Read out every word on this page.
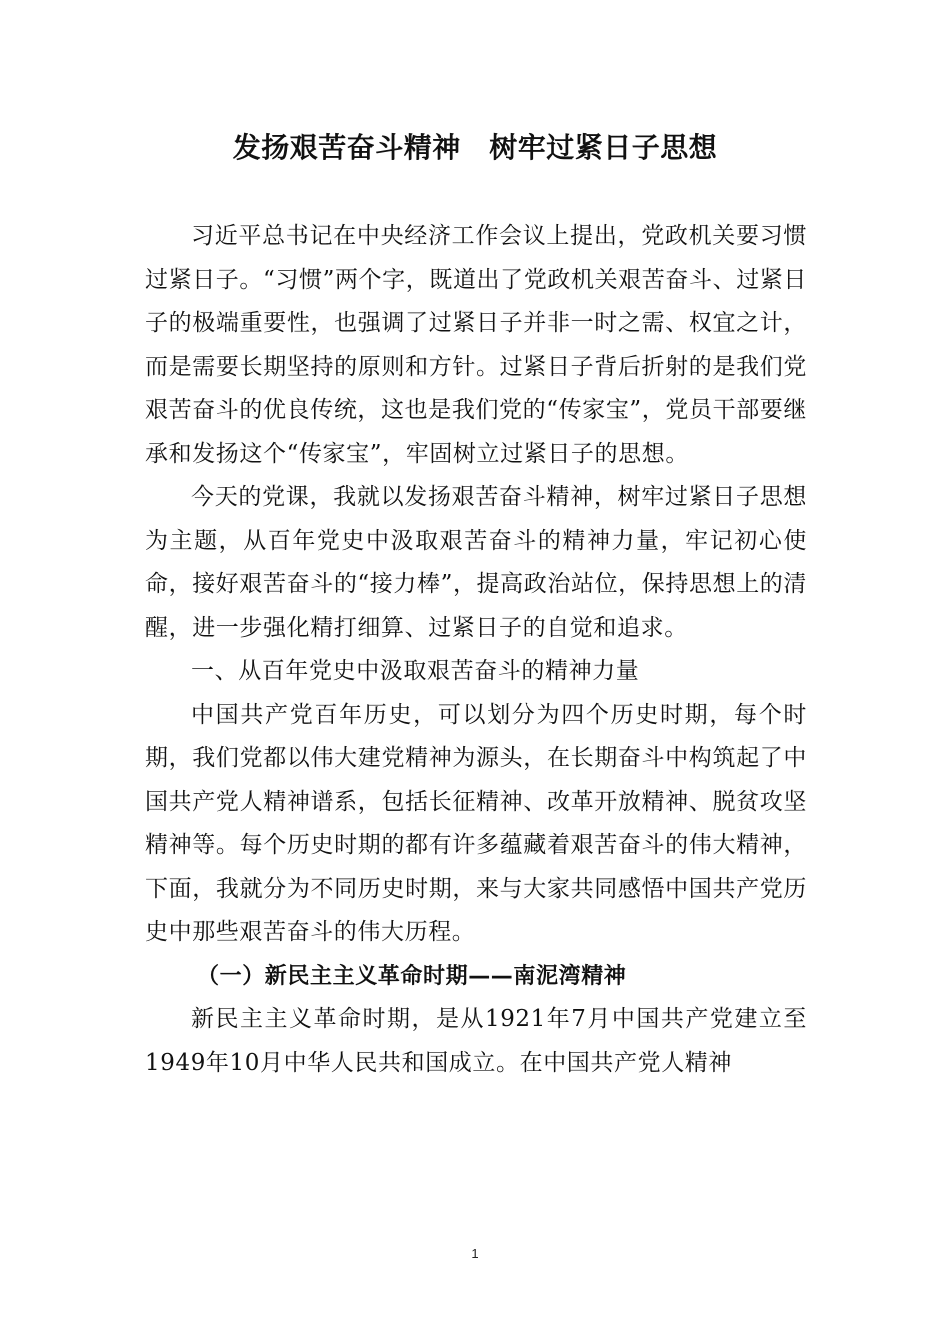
发扬艰苦奋斗精神　树牢过紧日子思想

习近平总书记在中央经济工作会议上提出，党政机关要习惯过紧日子。“习惯”两个字，既道出了党政机关艰苦奋斗、过紧日子的极端重要性，也强调了过紧日子并非一时之需、权宜之计，而是需要长期坚持的原则和方针。过紧日子背后折射的是我们党艰苦奋斗的优良传统，这也是我们党的“传家宝”，党员干部要继承和发扬这个“传家宝”，牢固树立过紧日子的思想。

今天的党课，我就以发扬艰苦奋斗精神，树牢过紧日子思想为主题，从百年党史中汲取艰苦奋斗的精神力量，牢记初心使命，接好艰苦奋斗的“接力棒”，提高政治站位，保持思想上的清醒，进一步强化精打细算、过紧日子的自觉和追求。

一、从百年党史中汲取艰苦奋斗的精神力量

中国共产党百年历史，可以划分为四个历史时期，每个时期，我们党都以伟大建党精神为源头，在长期奋斗中构筑起了中国共产党人精神谱系，包括长征精神、改革开放精神、脱贫攻坚精神等。每个历史时期的都有许多蕴藏着艰苦奋斗的伟大精神，下面，我就分为不同历史时期，来与大家共同感悟中国共产党历史中那些艰苦奋斗的伟大历程。

（一）新民主主义革命时期——南泥湾精神

新民主主义革命时期，是从1921年7月中国共产党建立至1949年10月中华人民共和国成立。在中国共产党人精神

1
